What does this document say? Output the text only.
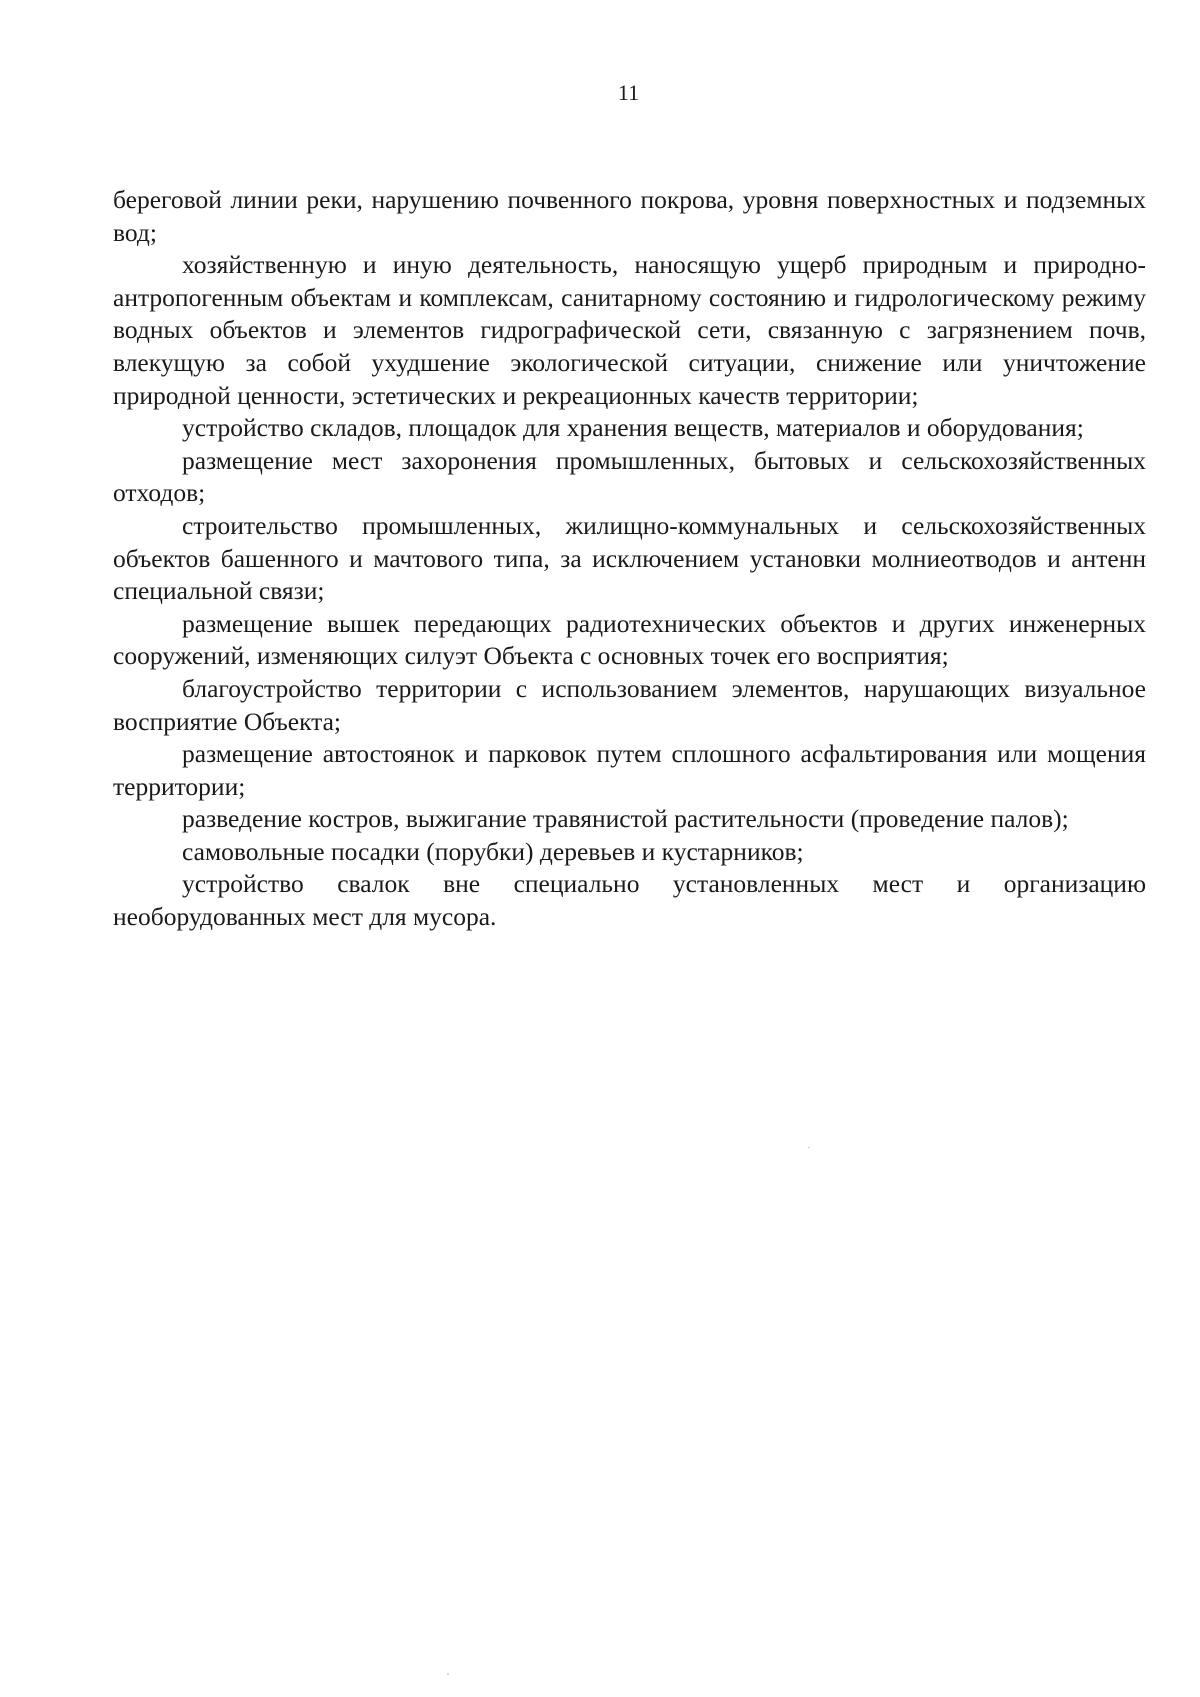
11

береговой линии реки, нарушению почвенного покрова, уровня поверхностных и подземных вод;

хозяйственную и иную деятельность, наносящую ущерб природным и природно-антропогенным объектам и комплексам, санитарному состоянию и гидрологическому режиму водных объектов и элементов гидрографической сети, связанную с загрязнением почв, влекущую за собой ухудшение экологической ситуации, снижение или уничтожение природной ценности, эстетических и рекреационных качеств территории;

устройство складов, площадок для хранения веществ, материалов и оборудования;

размещение мест захоронения промышленных, бытовых и сельскохозяйственных отходов;

строительство промышленных, жилищно-коммунальных и сельскохозяйственных объектов башенного и мачтового типа, за исключением установки молниеотводов и антенн специальной связи;

размещение вышек передающих радиотехнических объектов и других инженерных сооружений, изменяющих силуэт Объекта с основных точек его восприятия;

благоустройство территории с использованием элементов, нарушающих визуальное восприятие Объекта;

размещение автостоянок и парковок путем сплошного асфальтирования или мощения территории;

разведение костров, выжигание травянистой растительности (проведение палов);

самовольные посадки (порубки) деревьев и кустарников;

устройство свалок вне специально установленных мест и организацию необорудованных мест для мусора.
